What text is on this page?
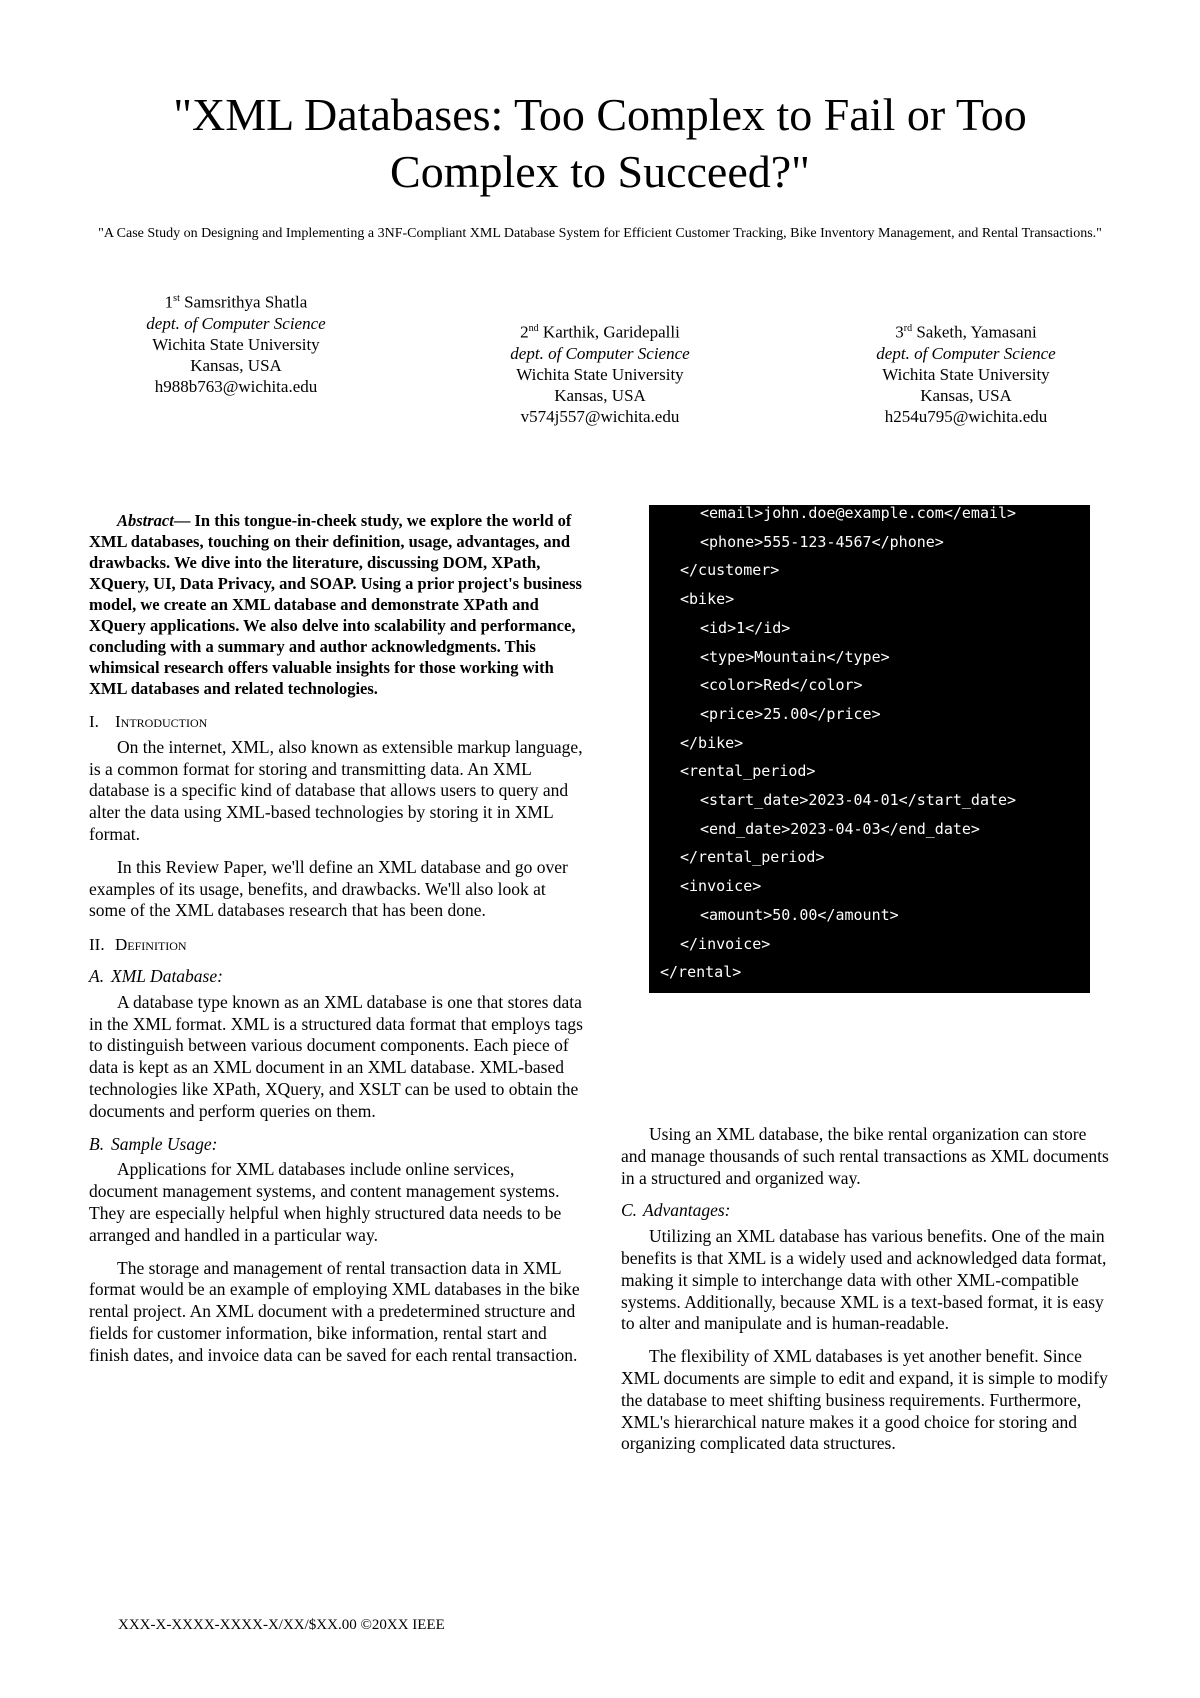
"XML Databases: Too Complex to Fail or Too Complex to Succeed?"

"A Case Study on Designing and Implementing a 3NF-Compliant XML Database System for Efficient Customer Tracking, Bike Inventory Management, and Rental Transactions."

1st Samsrithya Shatla
dept. of Computer Science
Wichita State University
Kansas, USA
h988b763@wichita.edu
2nd Karthik, Garidepalli
dept. of Computer Science
Wichita State University
Kansas, USA
v574j557@wichita.edu
3rd Saketh, Yamasani
dept. of Computer Science
Wichita State University
Kansas, USA
h254u795@wichita.edu

Abstract— In this tongue-in-cheek study, we explore the world of XML databases, touching on their definition, usage, advantages, and drawbacks. We dive into the literature, discussing DOM, XPath, XQuery, UI, Data Privacy, and SOAP. Using a prior project's business model, we create an XML database and demonstrate XPath and XQuery applications. We also delve into scalability and performance, concluding with a summary and author acknowledgments. This whimsical research offers valuable insights for those working with XML databases and related technologies.

I. Introduction

On the internet, XML, also known as extensible markup language, is a common format for storing and transmitting data. An XML database is a specific kind of database that allows users to query and alter the data using XML-based technologies by storing it in XML format.

In this Review Paper, we'll define an XML database and go over examples of its usage, benefits, and drawbacks. We'll also look at some of the XML databases research that has been done.

II. Definition

A. XML Database:

A database type known as an XML database is one that stores data in the XML format. XML is a structured data format that employs tags to distinguish between various document components. Each piece of data is kept as an XML document in an XML database. XML-based technologies like XPath, XQuery, and XSLT can be used to obtain the documents and perform queries on them.

B. Sample Usage:

Applications for XML databases include online services, document management systems, and content management systems. They are especially helpful when highly structured data needs to be arranged and handled in a particular way.

The storage and management of rental transaction data in XML format would be an example of employing XML databases in the bike rental project. An XML document with a predetermined structure and fields for customer information, bike information, rental start and finish dates, and invoice data can be saved for each rental transaction.

<email>john.doe@example.com</email>
<phone>555-123-4567</phone>
</customer>
<bike>
<id>1</id>
<type>Mountain</type>
<color>Red</color>
<price>25.00</price>
</bike>
<rental_period>
<start_date>2023-04-01</start_date>
<end_date>2023-04-03</end_date>
</rental_period>
<invoice>
<amount>50.00</amount>
</invoice>
</rental>

Using an XML database, the bike rental organization can store and manage thousands of such rental transactions as XML documents in a structured and organized way.

C. Advantages:

Utilizing an XML database has various benefits. One of the main benefits is that XML is a widely used and acknowledged data format, making it simple to interchange data with other XML-compatible systems. Additionally, because XML is a text-based format, it is easy to alter and manipulate and is human-readable.

The flexibility of XML databases is yet another benefit. Since XML documents are simple to edit and expand, it is simple to modify the database to meet shifting business requirements. Furthermore, XML's hierarchical nature makes it a good choice for storing and organizing complicated data structures.

XXX-X-XXXX-XXXX-X/XX/$XX.00 ©20XX IEEE
